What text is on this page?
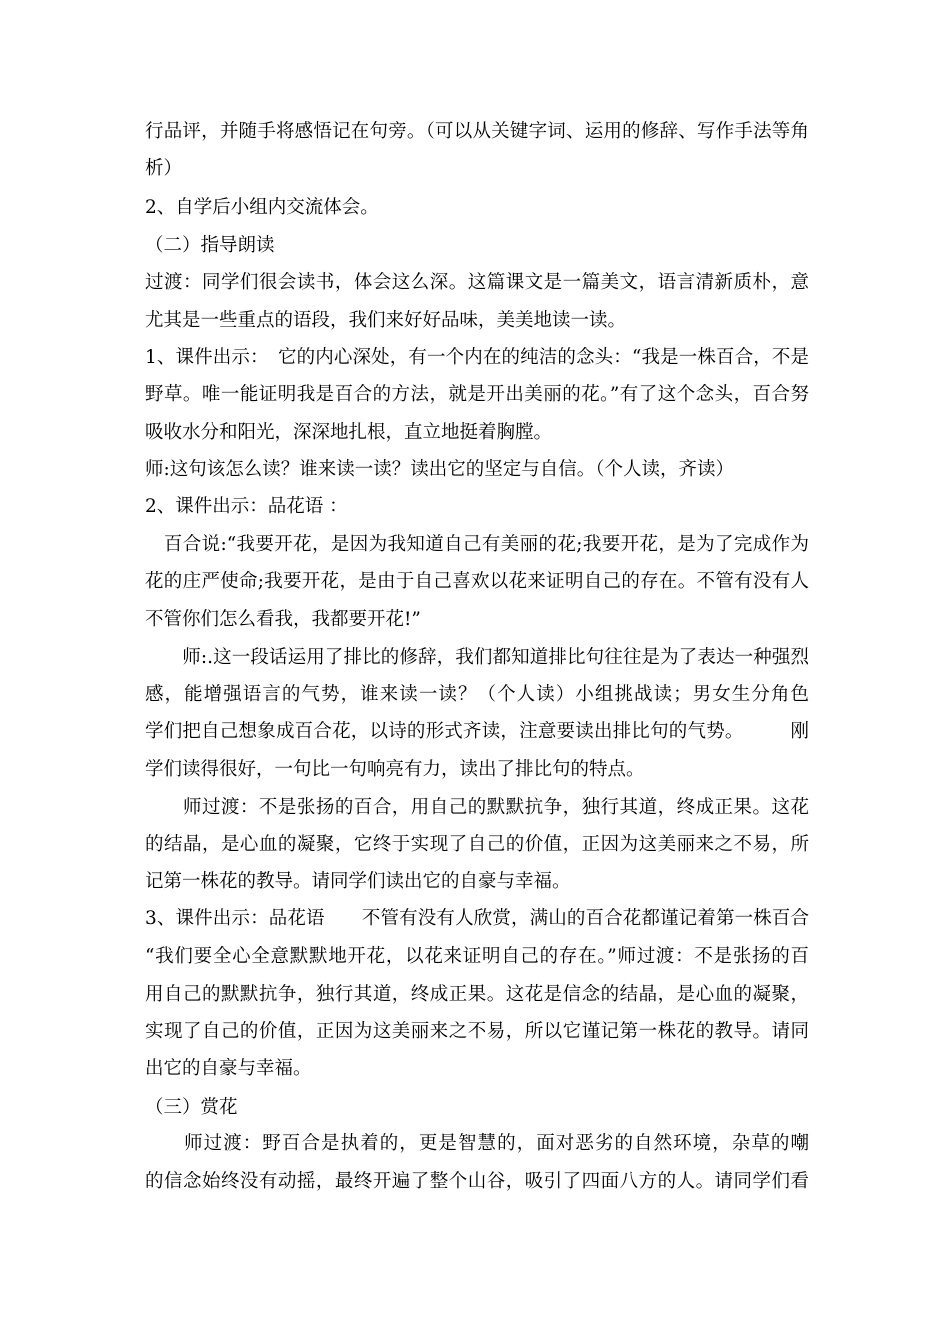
行品评，并随手将感悟记在句旁。（可以从关键字词、运用的修辞、写作手法等角
析）
2、自学后小组内交流体会。
（二）指导朗读
过渡：同学们很会读书，体会这么深。这篇课文是一篇美文，语言清新质朴，意
尤其是一些重点的语段，我们来好好品味，美美地读一读。
1、课件出示：　它的内心深处，有一个内在的纯洁的念头：“我是一株百合，不是
野草。唯一能证明我是百合的方法，就是开出美丽的花。”有了这个念头，百合努
吸收水分和阳光，深深地扎根，直立地挺着胸膛。
师:这句该怎么读？谁来读一读？读出它的坚定与自信。（个人读，齐读）
2、课件出示：品花语 ：
　百合说:“我要开花，是因为我知道自己有美丽的花;我要开花，是为了完成作为
花的庄严使命;我要开花，是由于自己喜欢以花来证明自己的存在。不管有没有人
不管你们怎么看我，我都要开花!”
　　师:.这一段话运用了排比的修辞，我们都知道排比句往往是为了表达一种强烈
感，能增强语言的气势，谁来读一读？（个人读）小组挑战读；男女生分角色
学们把自己想象成百合花，以诗的形式齐读，注意要读出排比句的气势。　　　刚
学们读得很好，一句比一句响亮有力，读出了排比句的特点。
　　师过渡：不是张扬的百合，用自己的默默抗争，独行其道，终成正果。这花
的结晶，是心血的凝聚，它终于实现了自己的价值，正因为这美丽来之不易，所
记第一株花的教导。请同学们读出它的自豪与幸福。
3、课件出示：品花语　　不管有没有人欣赏，满山的百合花都谨记着第一株百合
“我们要全心全意默默地开花，以花来证明自己的存在。”师过渡：不是张扬的百
用自己的默默抗争，独行其道，终成正果。这花是信念的结晶，是心血的凝聚，
实现了自己的价值，正因为这美丽来之不易，所以它谨记第一株花的教导。请同
出它的自豪与幸福。
（三）赏花
　　师过渡：野百合是执着的，更是智慧的，面对恶劣的自然环境，杂草的嘲
的信念始终没有动摇，最终开遍了整个山谷，吸引了四面八方的人。请同学们看
